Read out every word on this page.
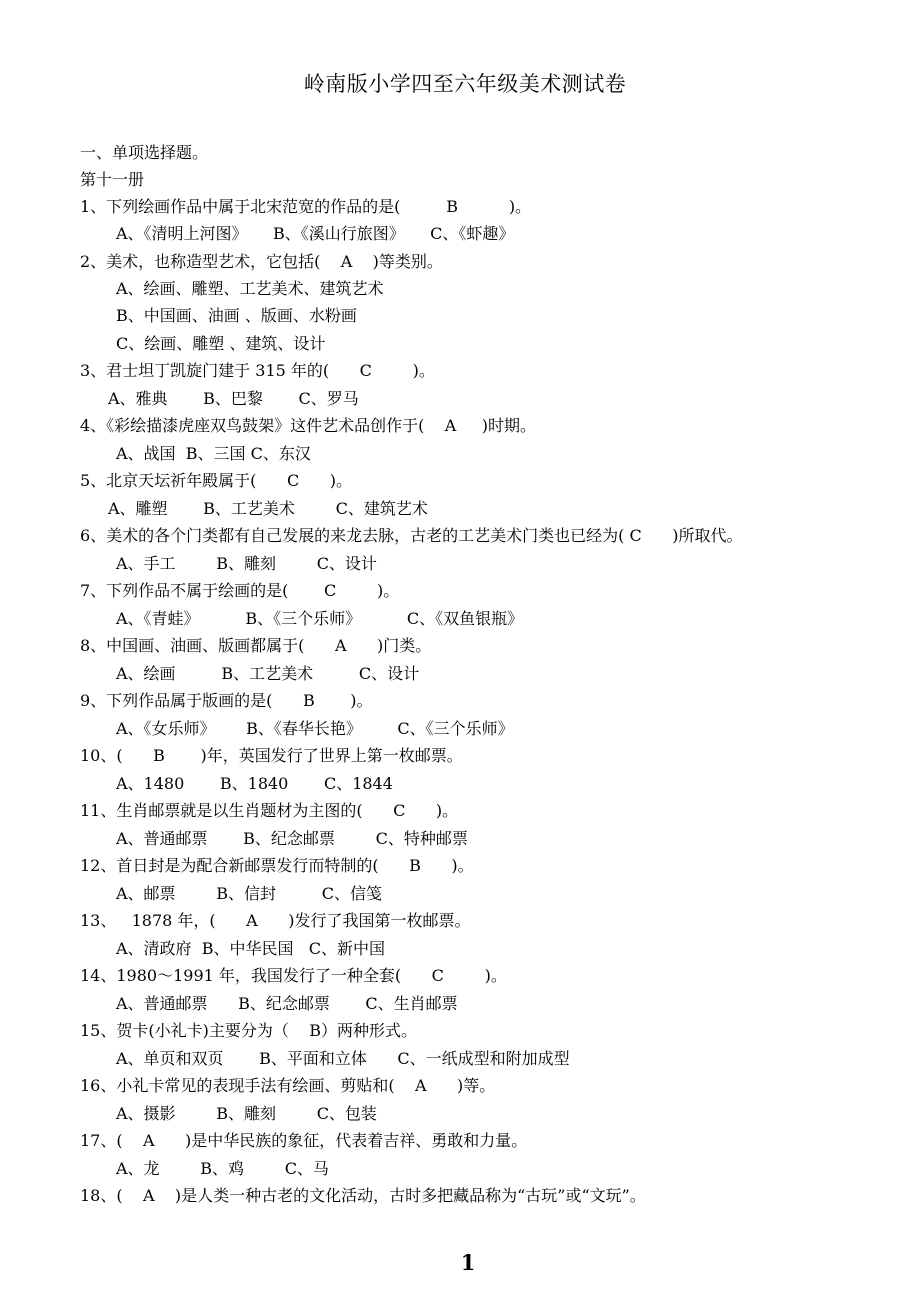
岭南版小学四至六年级美术测试卷
一、单项选择题。
第十一册
1、下列绘画作品中属于北宋范宽的作品的是(         B          )。
A、《清明上河图》     B、《溪山行旅图》     C、《虾趣》
2、美术，也称造型艺术，它包括(    A    )等类别。
A、绘画、雕塑、工艺美术、建筑艺术
B、中国画、油画 、版画、水粉画
C、绘画、雕塑 、建筑、设计
3、君士坦丁凯旋门建于 315 年的(      C        )。
A、雅典       B、巴黎       C、罗马
4、《彩绘描漆虎座双鸟鼓架》这件艺术品创作于(    A     )时期。
A、战国  B、三国 C、东汉
5、北京天坛祈年殿属于(      C      )。
A、雕塑       B、工艺美术        C、建筑艺术
6、美术的各个门类都有自己发展的来龙去脉，古老的工艺美术门类也已经为( C      )所取代。
A、手工        B、雕刻        C、设计
7、下列作品不属于绘画的是(       C        )。
A、《青蛙》         B、《三个乐师》         C、《双鱼银瓶》
8、中国画、油画、版画都属于(      A      )门类。
A、绘画         B、工艺美术         C、设计
9、下列作品属于版画的是(      B       )。
A、《女乐师》      B、《春华长艳》       C、《三个乐师》
10、(      B       )年，英国发行了世界上第一枚邮票。
A、1480       B、1840       C、1844
11、生肖邮票就是以生肖题材为主图的(      C      )。
A、普通邮票       B、纪念邮票        C、特种邮票
12、首日封是为配合新邮票发行而特制的(      B      )。
A、邮票        B、信封         C、信笺
13、   1878 年，(      A      )发行了我国第一枚邮票。
A、清政府  B、中华民国   C、新中国
14、1980～1991 年，我国发行了一种全套(      C        )。
A、普通邮票      B、纪念邮票       C、生肖邮票
15、贺卡(小礼卡)主要分为（    B）两种形式。
A、单页和双页       B、平面和立体      C、一纸成型和附加成型
16、小礼卡常见的表现手法有绘画、剪贴和(    A      )等。
A、摄影        B、雕刻        C、包装
17、(    A      )是中华民族的象征，代表着吉祥、勇敢和力量。
A、龙        B、鸡        C、马
18、(    A    )是人类一种古老的文化活动，古时多把藏品称为“古玩”或“文玩”。
1
